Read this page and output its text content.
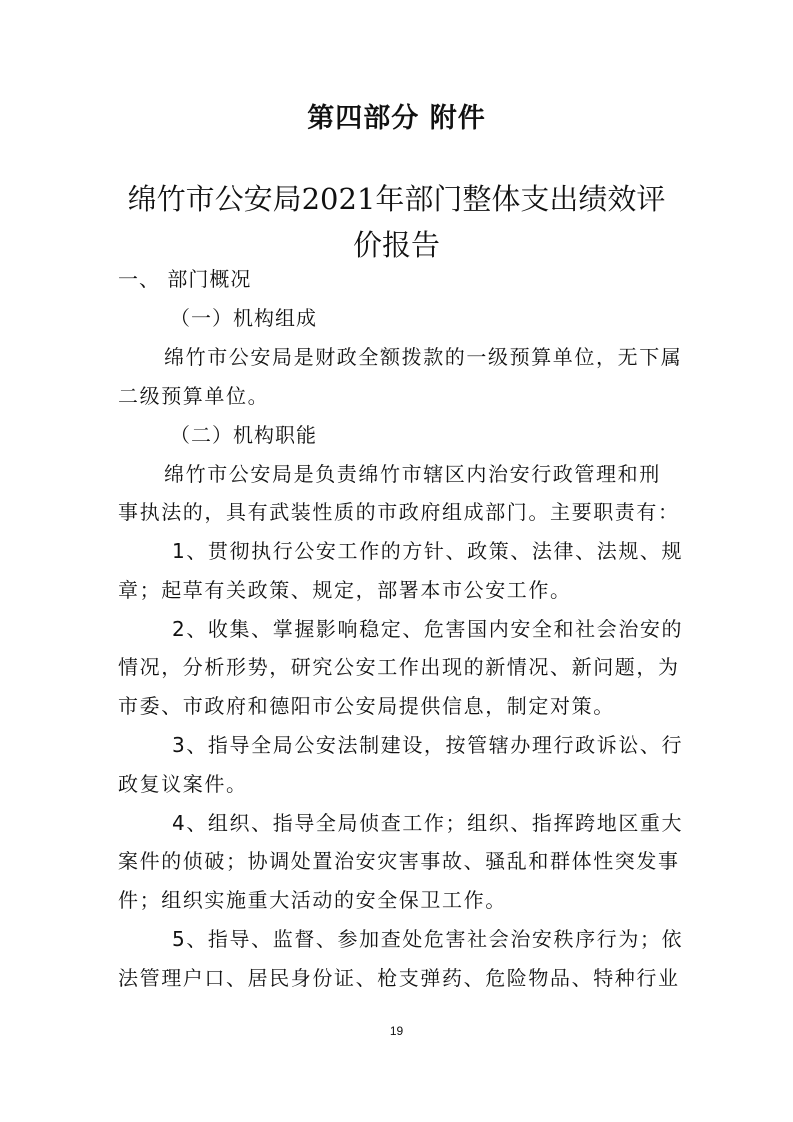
第四部分 附件
绵竹市公安局2021年部门整体支出绩效评
价报告
一、 部门概况
（一）机构组成
绵竹市公安局是财政全额拨款的一级预算单位，无下属
二级预算单位。
（二）机构职能
绵竹市公安局是负责绵竹市辖区内治安行政管理和刑
事执法的，具有武装性质的市政府组成部门。主要职责有：
1、贯彻执行公安工作的方针、政策、法律、法规、规
章；起草有关政策、规定，部署本市公安工作。
2、收集、掌握影响稳定、危害国内安全和社会治安的
情况，分析形势，研究公安工作出现的新情况、新问题，为
市委、市政府和德阳市公安局提供信息，制定对策。
3、指导全局公安法制建设，按管辖办理行政诉讼、行
政复议案件。
4、组织、指导全局侦查工作；组织、指挥跨地区重大
案件的侦破；协调处置治安灾害事故、骚乱和群体性突发事
件；组织实施重大活动的安全保卫工作。
5、指导、监督、参加查处危害社会治安秩序行为；依
法管理户口、居民身份证、枪支弹药、危险物品、特种行业
19
